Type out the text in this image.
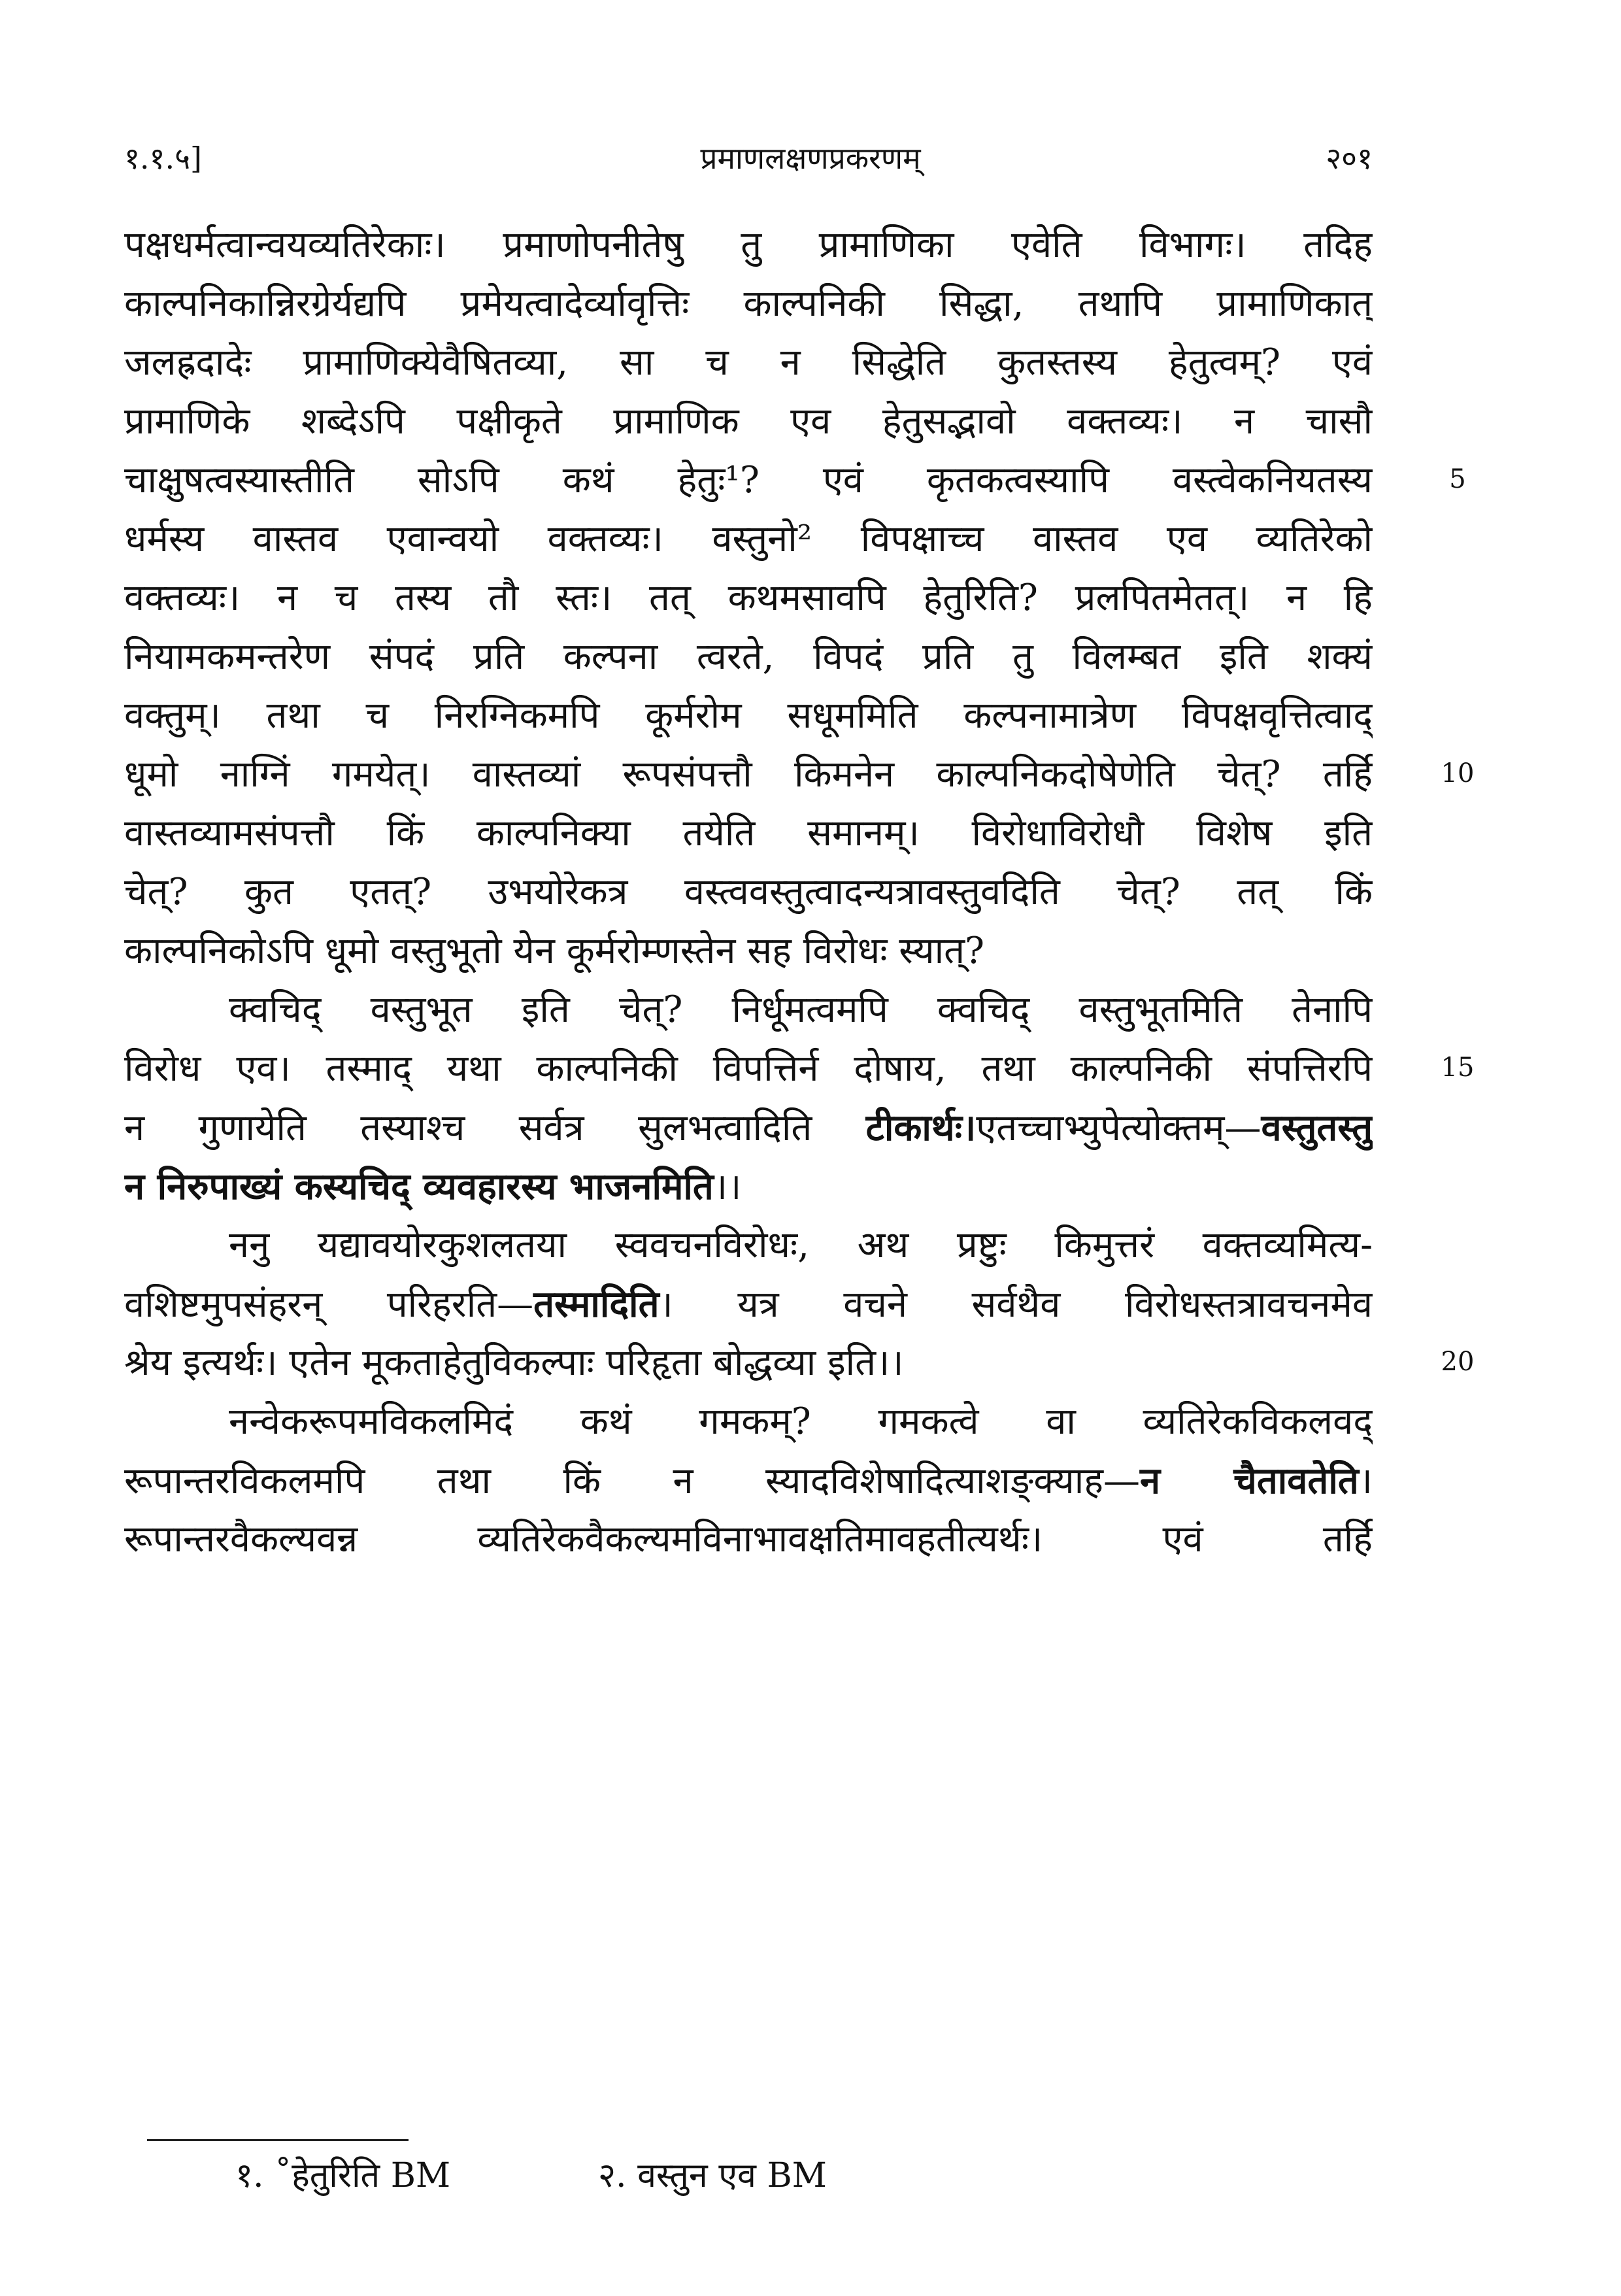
१.१.५]	प्रमाणलक्षणप्रकरणम्	२०१
पक्षधर्मत्वान्वयव्यतिरेकाः। प्रमाणोपनीतेषु तु प्रामाणिका एवेति विभागः। तदिह
काल्पनिकान्निरग्रेर्यद्यपि प्रमेयत्वादेर्व्यावृत्तिः काल्पनिकी सिद्धा, तथापि प्रामाणिकात्
जलह्रदादेः प्रामाणिक्येवैषितव्या, सा च न सिद्धेति कुतस्तस्य हेतुत्वम्? एवं
प्रामाणिके शब्देऽपि पक्षीकृते प्रामाणिक एव हेतुसद्भावो वक्तव्यः। न चासौ
चाक्षुषत्वस्यास्तीति सोऽपि कथं हेतुः¹? एवं कृतकत्वस्यापि वस्त्वेकनियतस्य
धर्मस्य वास्तव एवान्वयो वक्तव्यः। वस्तुनो² विपक्षाच्च वास्तव एव व्यतिरेको
वक्तव्यः। न च तस्य तौ स्तः। तत् कथमसावपि हेतुरिति? प्रलपितमेतत्। न हि
नियामकमन्तरेण संपदं प्रति कल्पना त्वरते, विपदं प्रति तु विलम्बत इति शक्यं
वक्तुम्। तथा च निरग्निकमपि कूर्मरोम सधूममिति कल्पनामात्रेण विपक्षवृत्तित्वाद्
धूमो नाग्निं गमयेत्। वास्तव्यां रूपसंपत्तौ किमनेन काल्पनिकदोषेणेति चेत्? तर्हि
वास्तव्यामसंपत्तौ किं काल्पनिक्या तयेति समानम्। विरोधाविरोधौ विशेष इति
चेत्? कुत एतत्? उभयोरेकत्र वस्त्ववस्तुत्वादन्यत्रावस्तुवदिति चेत्? तत् किं
काल्पनिकोऽपि धूमो वस्तुभूतो येन कूर्मरोम्णस्तेन सह विरोधः स्यात्?
क्वचिद् वस्तुभूत इति चेत्? निर्धूमत्वमपि क्वचिद् वस्तुभूतमिति तेनापि
विरोध एव। तस्माद् यथा काल्पनिकी विपत्तिर्न दोषाय, तथा काल्पनिकी संपत्तिरपि
न गुणायेति तस्याश्च सर्वत्र सुलभत्वादिति टीकार्थः।एतच्चाभ्युपेत्योक्तम्—वस्तुतस्तु
न निरुपाख्यं कस्यचिद् व्यवहारस्य भाजनमिति।।
ननु यद्यावयोरकुशलतया स्ववचनविरोधः, अथ प्रष्टुः किमुत्तरं वक्तव्यमित्य-
वशिष्टमुपसंहरन् परिहरति—तस्मादिति। यत्र वचने सर्वथैव विरोधस्तत्रावचनमेव
श्रेय इत्यर्थः। एतेन मूकताहेतुविकल्पाः परिहृता बोद्धव्या इति।।
नन्वेकरूपमविकलमिदं कथं गमकम्? गमकत्वे वा व्यतिरेकविकलवद्
रूपान्तरविकलमपि तथा किं न स्यादविशेषादित्याशङ्क्याह—न चैतावतेति।
रूपान्तरवैकल्यवन्न व्यतिरेकवैकल्यमविनाभावक्षतिमावहतीत्यर्थः। एवं तर्हि
5
10
15
20
१. ˚हेतुरिति BM	२. वस्तुन एव BM
